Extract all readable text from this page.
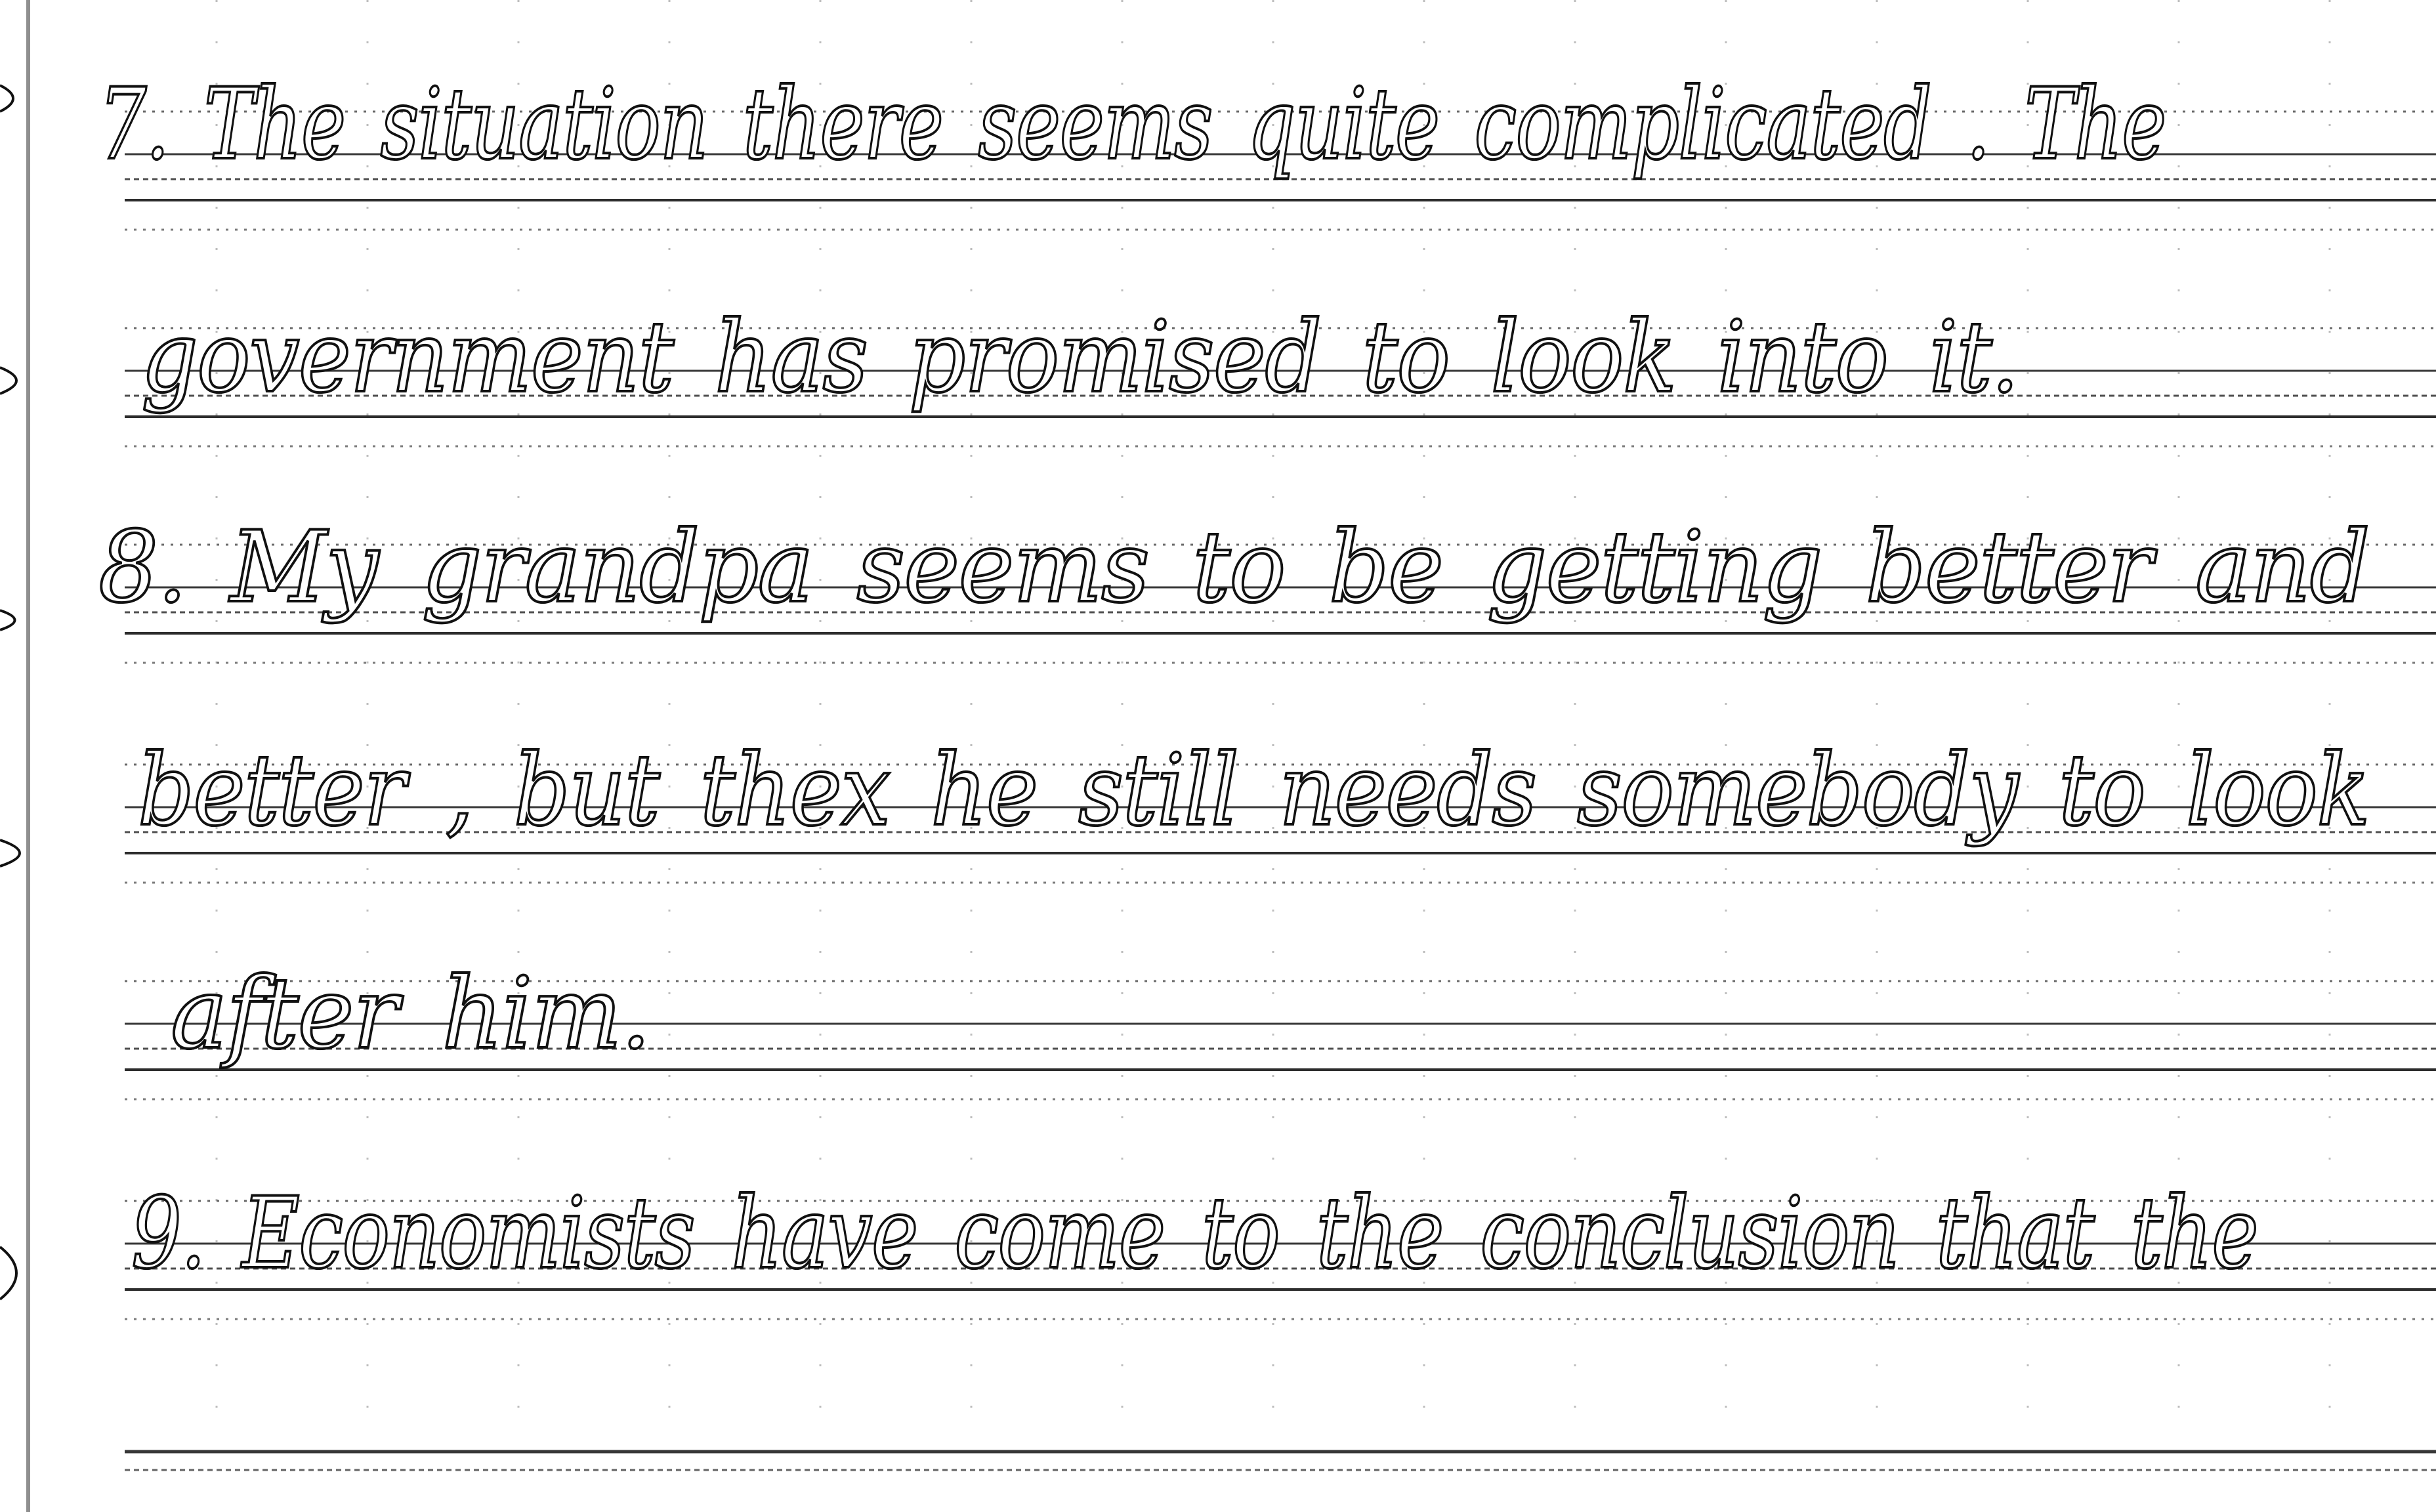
7. The situation there seems quite complicated . The
government has promised to look into it.
8. My grandpa seems to be getting better and
better , but thex he still needs somebody to look
after him.
9. Economists have come to the conclusion that the
